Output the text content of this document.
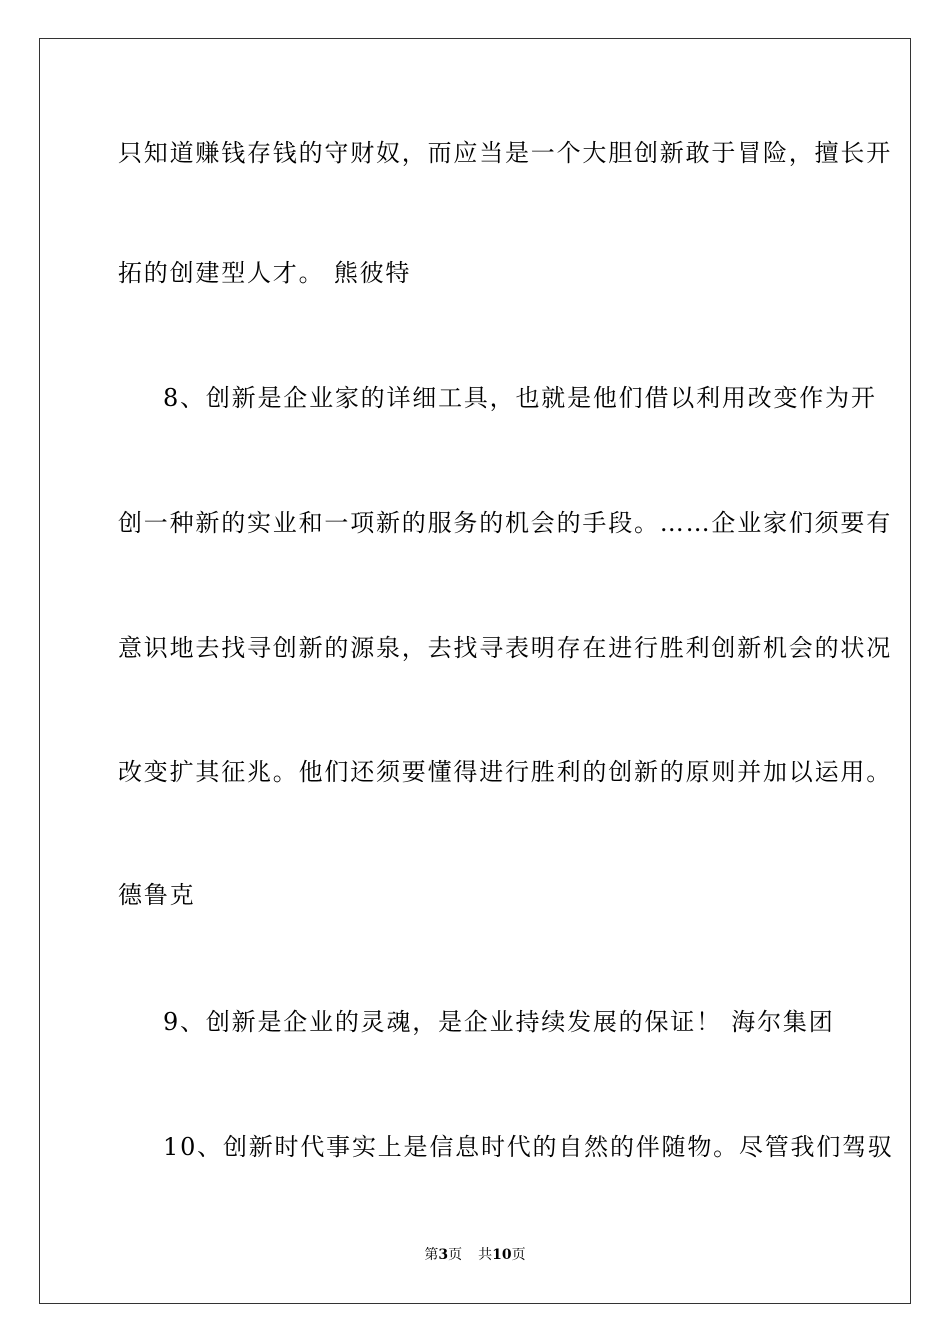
只知道赚钱存钱的守财奴，而应当是一个大胆创新敢于冒险，擅长开
拓的创建型人才。 熊彼特
8、创新是企业家的详细工具，也就是他们借以利用改变作为开
创一种新的实业和一项新的服务的机会的手段。……企业家们须要有
意识地去找寻创新的源泉，去找寻表明存在进行胜利创新机会的状况
改变扩其征兆。他们还须要懂得进行胜利的创新的原则并加以运用。
德鲁克
9、创新是企业的灵魂，是企业持续发展的保证！ 海尔集团
10、创新时代事实上是信息时代的自然的伴随物。尽管我们驾驭
第3页 共10页
